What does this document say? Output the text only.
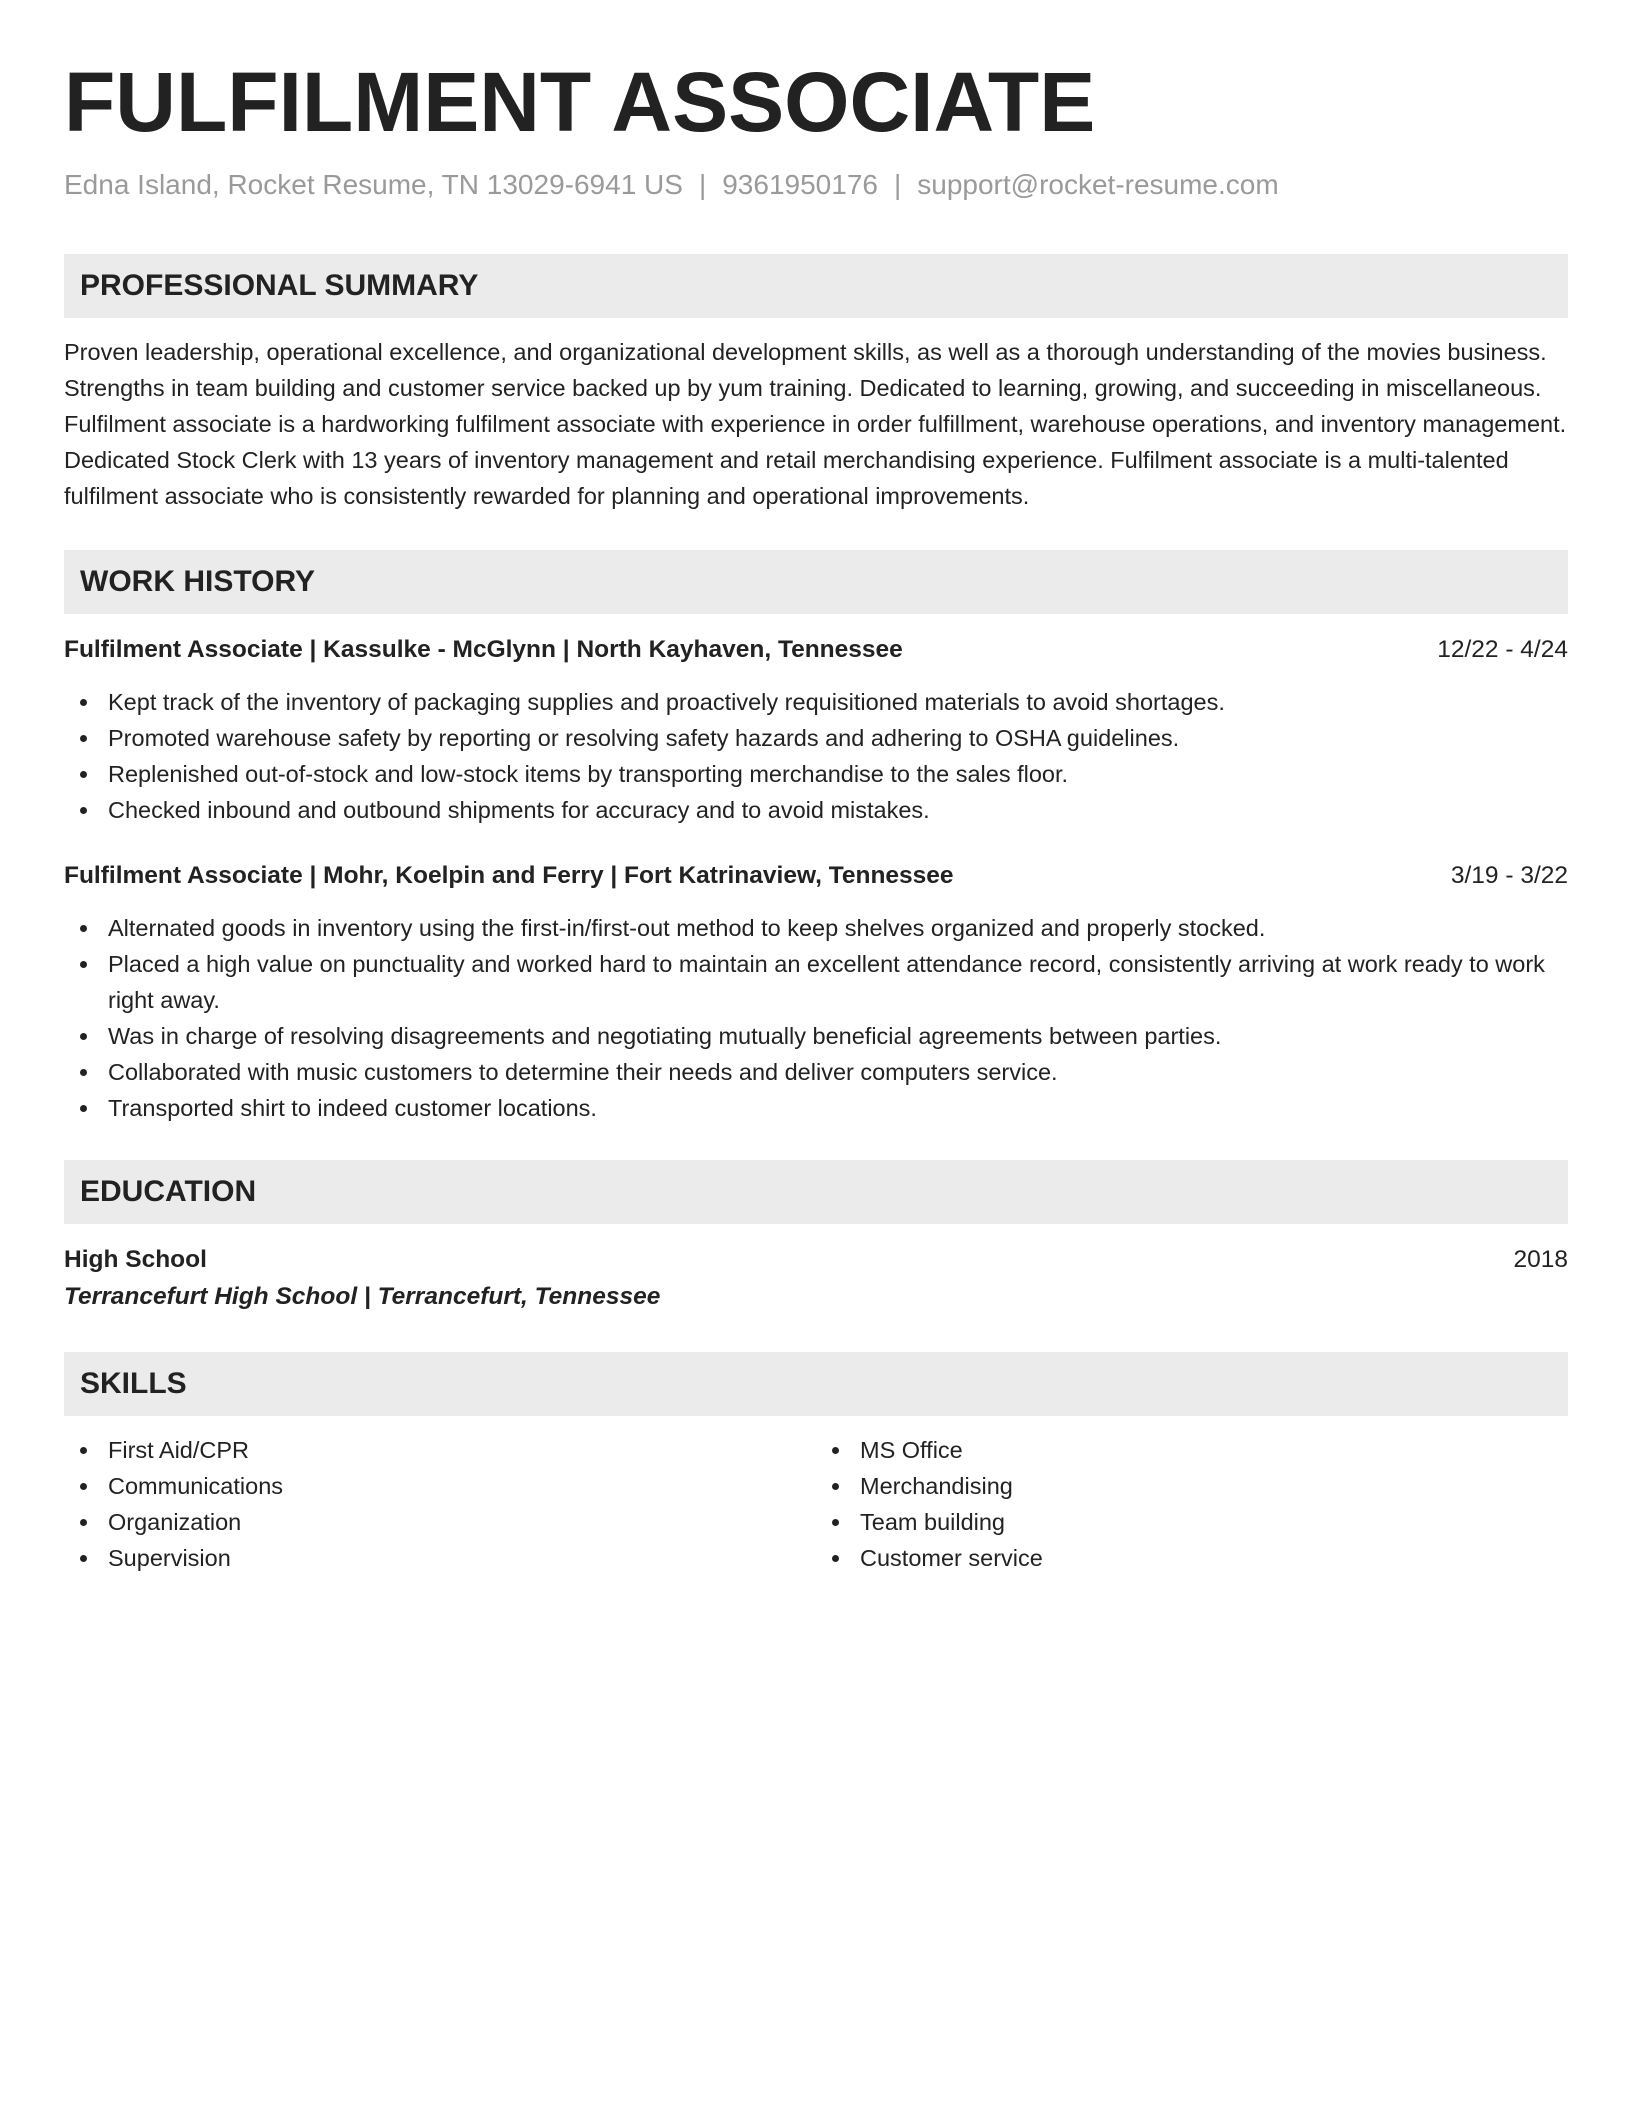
FULFILMENT ASSOCIATE
Edna Island, Rocket Resume, TN 13029-6941 US | 9361950176 | support@rocket-resume.com
PROFESSIONAL SUMMARY
Proven leadership, operational excellence, and organizational development skills, as well as a thorough understanding of the movies business. Strengths in team building and customer service backed up by yum training. Dedicated to learning, growing, and succeeding in miscellaneous. Fulfilment associate is a hardworking fulfilment associate with experience in order fulfillment, warehouse operations, and inventory management. Dedicated Stock Clerk with 13 years of inventory management and retail merchandising experience. Fulfilment associate is a multi-talented fulfilment associate who is consistently rewarded for planning and operational improvements.
WORK HISTORY
Fulfilment Associate | Kassulke - McGlynn | North Kayhaven, Tennessee	12/22 - 4/24
Kept track of the inventory of packaging supplies and proactively requisitioned materials to avoid shortages.
Promoted warehouse safety by reporting or resolving safety hazards and adhering to OSHA guidelines.
Replenished out-of-stock and low-stock items by transporting merchandise to the sales floor.
Checked inbound and outbound shipments for accuracy and to avoid mistakes.
Fulfilment Associate | Mohr, Koelpin and Ferry | Fort Katrinaview, Tennessee	3/19 - 3/22
Alternated goods in inventory using the first-in/first-out method to keep shelves organized and properly stocked.
Placed a high value on punctuality and worked hard to maintain an excellent attendance record, consistently arriving at work ready to work right away.
Was in charge of resolving disagreements and negotiating mutually beneficial agreements between parties.
Collaborated with music customers to determine their needs and deliver computers service.
Transported shirt to indeed customer locations.
EDUCATION
High School	2018
Terrancefurt High School | Terrancefurt, Tennessee
SKILLS
First Aid/CPR
Communications
Organization
Supervision
MS Office
Merchandising
Team building
Customer service
